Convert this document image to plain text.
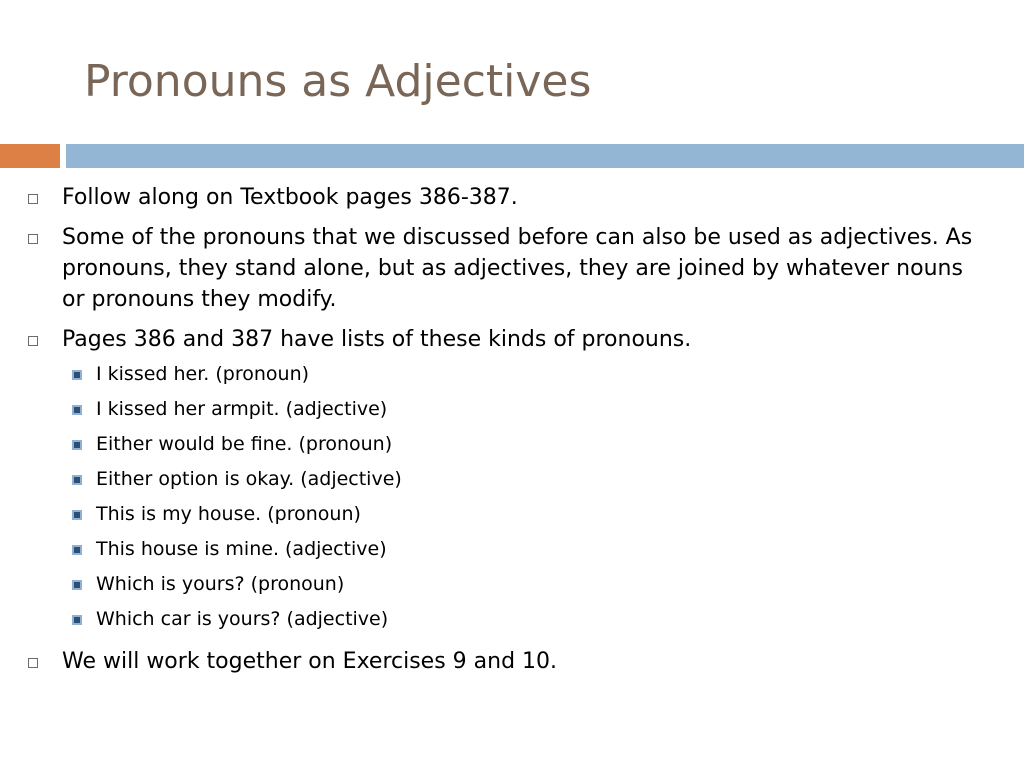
Pronouns as Adjectives
Follow along on Textbook pages 386-387.
Some of the pronouns that we discussed before can also be used as adjectives. As pronouns, they stand alone, but as adjectives, they are joined by whatever nouns or pronouns they modify.
Pages 386 and 387 have lists of these kinds of pronouns.
I kissed her. (pronoun)
I kissed her armpit. (adjective)
Either would be fine. (pronoun)
Either option is okay. (adjective)
This is my house. (pronoun)
This house is mine. (adjective)
Which is yours? (pronoun)
Which car is yours? (adjective)
We will work together on Exercises 9 and 10.
